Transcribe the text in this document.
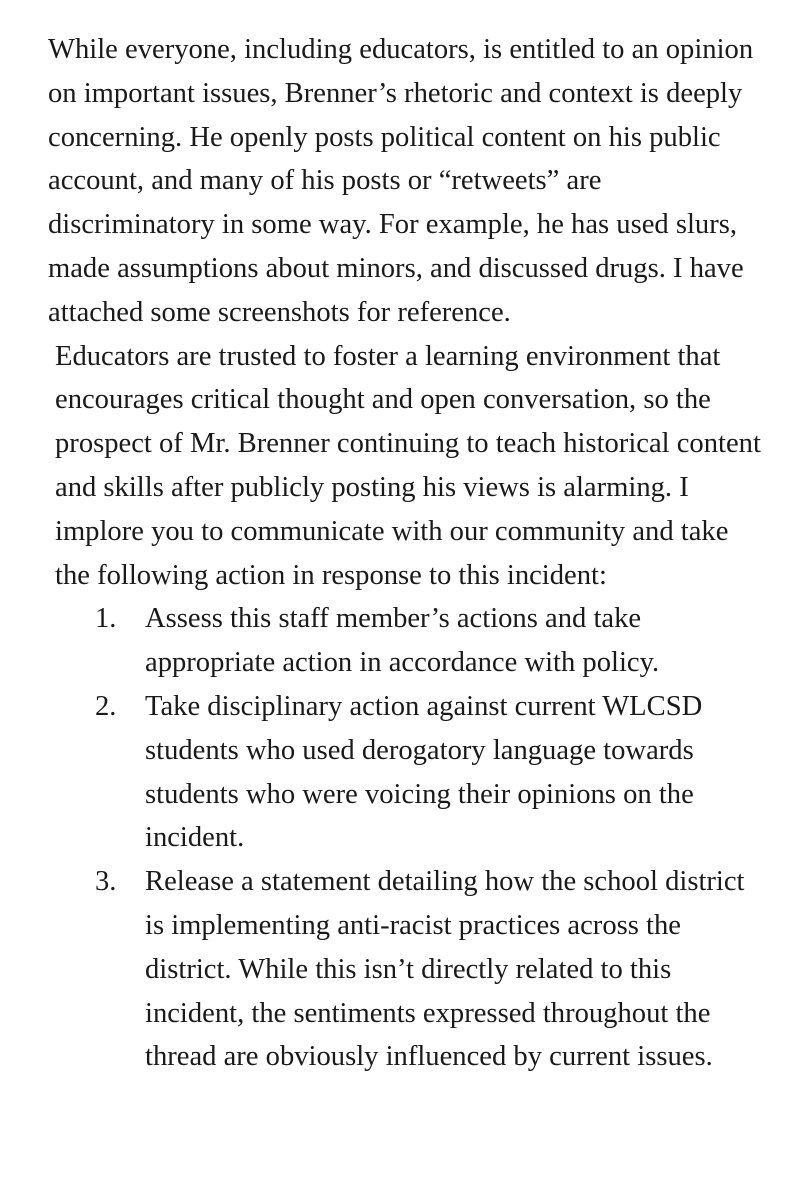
While everyone, including educators, is entitled to an opinion on important issues, Brenner’s rhetoric and context is deeply concerning. He openly posts political content on his public account, and many of his posts or “retweets” are discriminatory in some way. For example, he has used slurs, made assumptions about minors, and discussed drugs. I have attached some screenshots for reference.

Educators are trusted to foster a learning environment that encourages critical thought and open conversation, so the prospect of Mr. Brenner continuing to teach historical content and skills after publicly posting his views is alarming. I implore you to communicate with our community and take the following action in response to this incident:

1. Assess this staff member’s actions and take appropriate action in accordance with policy.
2. Take disciplinary action against current WLCSD students who used derogatory language towards students who were voicing their opinions on the incident.
3. Release a statement detailing how the school district is implementing anti-racist practices across the district. While this isn’t directly related to this incident, the sentiments expressed throughout the thread are obviously influenced by current issues.
